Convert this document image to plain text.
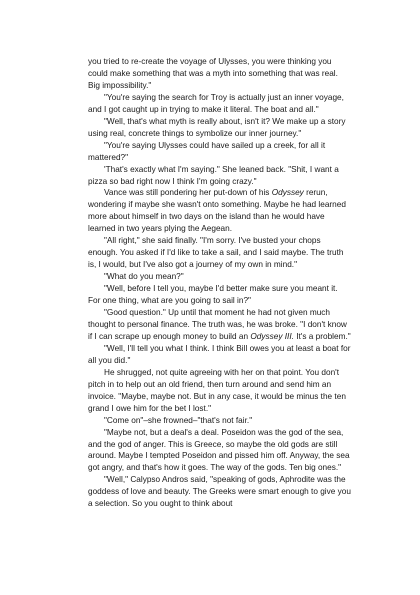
you tried to re-create the voyage of Ulysses, you were thinking you could make something that was a myth into something that was real. Big impossibility."

"You're saying the search for Troy is actually just an inner voyage, and I got caught up in trying to make it literal. The boat and all."

"Well, that's what myth is really about, isn't it? We make up a story using real, concrete things to symbolize our inner journey."

"You're saying Ulysses could have sailed up a creek, for all it mattered?"

'That's exactly what I'm saying." She leaned back. "Shit, I want a pizza so bad right now I think I'm going crazy."

Vance was still pondering her put-down of his Odyssey rerun, wondering if maybe she wasn't onto something. Maybe he had learned more about himself in two days on the island than he would have learned in two years plying the Aegean.

"All right," she said finally. "I'm sorry. I've busted your chops enough. You asked if I'd like to take a sail, and I said maybe. The truth is, I would, but I've also got a journey of my own in mind."

"What do you mean?"

"Well, before I tell you, maybe I'd better make sure you meant it. For one thing, what are you going to sail in?"

"Good question." Up until that moment he had not given much thought to personal finance. The truth was, he was broke. "I don't know if I can scrape up enough money to build an Odyssey III. It's a problem."

"Well, I'll tell you what I think. I think Bill owes you at least a boat for all you did."

He shrugged, not quite agreeing with her on that point. You don't pitch in to help out an old friend, then turn around and send him an invoice. "Maybe, maybe not. But in any case, it would be minus the ten grand I owe him for the bet I lost."

"Come on"–she frowned–"that's not fair."

"Maybe not, but a deal's a deal. Poseidon was the god of the sea, and the god of anger. This is Greece, so maybe the old gods are still around. Maybe I tempted Poseidon and pissed him off. Anyway, the sea got angry, and that's how it goes. The way of the gods. Ten big ones."

"Well," Calypso Andros said, "speaking of gods, Aphrodite was the goddess of love and beauty. The Greeks were smart enough to give you a selection. So you ought to think about
